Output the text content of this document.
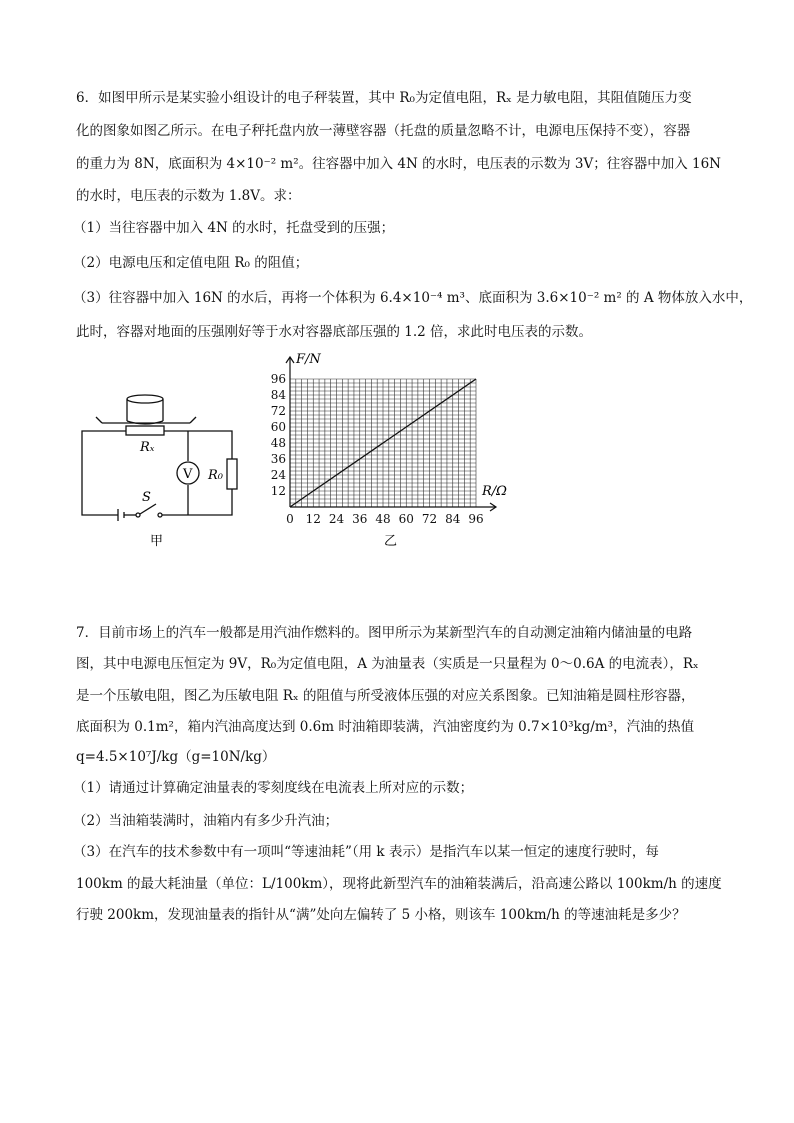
6．如图甲所示是某实验小组设计的电子秤装置，其中 R₀为定值电阻，Rₓ 是力敏电阻，其阻值随压力变
化的图象如图乙所示。在电子秤托盘内放一薄壁容器（托盘的质量忽略不计，电源电压保持不变），容器
的重力为 8N，底面积为 4×10⁻² m²。往容器中加入 4N 的水时，电压表的示数为 3V；往容器中加入 16N
的水时，电压表的示数为 1.8V。求：
（1）当往容器中加入 4N 的水时，托盘受到的压强；
（2）电源电压和定值电阻 R₀ 的阻值；
（3）往容器中加入 16N 的水后，再将一个体积为 6.4×10⁻⁴ m³、底面积为 3.6×10⁻² m² 的 A 物体放入水中，
此时，容器对地面的压强刚好等于水对容器底部压强的 1.2 倍，求此时电压表的示数。
Rₓ
V R₀
S
甲
0 12 24 36 48 60 72 84 96
12
24
36
48
60
72
84
96
F/N
R/Ω
乙
7．目前市场上的汽车一般都是用汽油作燃料的。图甲所示为某新型汽车的自动测定油箱内储油量的电路
图，其中电源电压恒定为 9V，R₀为定值电阻，A 为油量表（实质是一只量程为 0～0.6A 的电流表），Rₓ
是一个压敏电阻，图乙为压敏电阻 Rₓ 的阻值与所受液体压强的对应关系图象。已知油箱是圆柱形容器，
底面积为 0.1m²，箱内汽油高度达到 0.6m 时油箱即装满，汽油密度约为 0.7×10³kg/m³，汽油的热值
q=4.5×10⁷J/kg（g=10N/kg）
（1）请通过计算确定油量表的零刻度线在电流表上所对应的示数；
（2）当油箱装满时，油箱内有多少升汽油；
（3）在汽车的技术参数中有一项叫“等速油耗”（用 k 表示）是指汽车以某一恒定的速度行驶时，每
100km 的最大耗油量（单位：L/100km），现将此新型汽车的油箱装满后，沿高速公路以 100km/h 的速度
行驶 200km，发现油量表的指针从“满”处向左偏转了 5 小格，则该车 100km/h 的等速油耗是多少？
